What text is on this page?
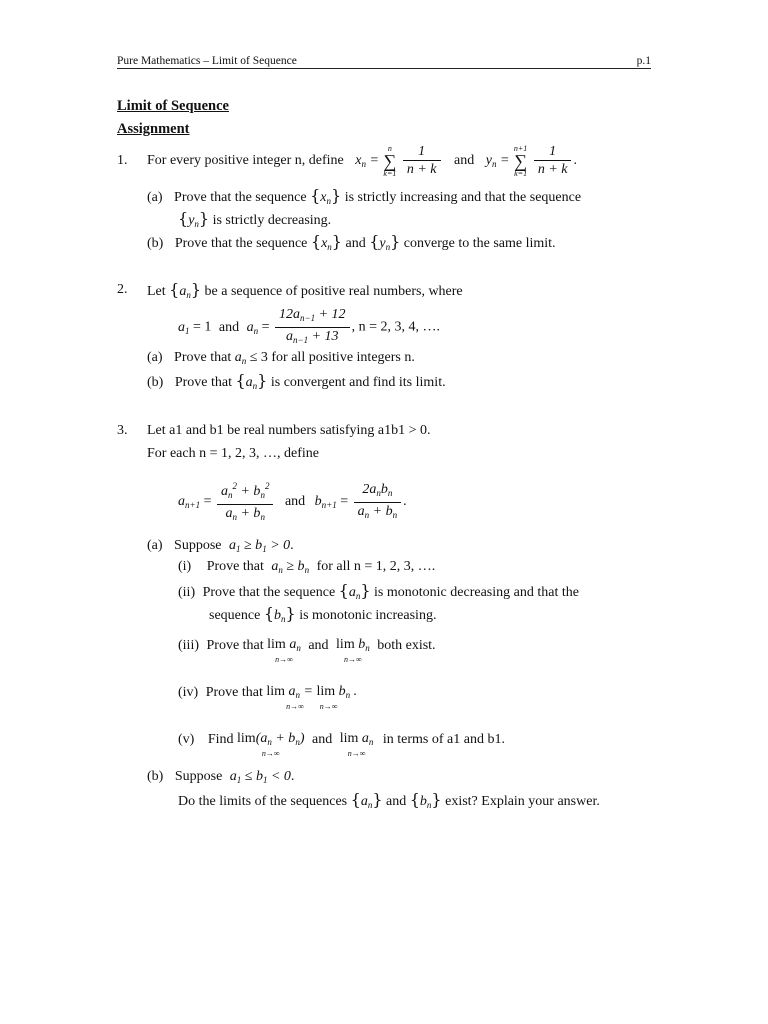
Pure Mathematics – Limit of Sequence	p.1
Limit of Sequence
Assignment
1. For every positive integer n, define $x_n$ =
n
∑
k=1
$\frac{1}{n + k}$ and $y_n$ =
n+1
∑
k=1
$\frac{1}{n + k}$ .
(a) Prove that the sequence $\{x_n\}$ is strictly increasing and that the sequence
$\{y_n\}$ is strictly decreasing.
(b) Prove that the sequence $\{x_n\}$ and $\{y_n\}$ converge to the same limit.
2. Let $\{a_n\}$ be a sequence of positive real numbers, where
$a_1 = 1$ and $a_n = \frac{12a_{n-1} + 12}{a_{n-1} + 13}$ , n = 2, 3, 4, ….
(a) Prove that $a_n \le 3$ for all positive integers n.
(b) Prove that $\{a_n\}$ is convergent and find its limit.
3. Let a1 and b1 be real numbers satisfying a1b1 > 0.
For each n = 1, 2, 3, …, define
$a_{n+1} = \frac{a_n^2 + b_n^2}{a_n + b_n}$ and $b_{n+1} = \frac{2a_nb_n}{a_n + b_n}$ .
(a) Suppose $a_1 \ge b_1 > 0$.
(i) Prove that $a_n \ge b_n$ for all n = 1, 2, 3, ….
(ii) Prove that the sequence $\{a_n\}$ is monotonic decreasing and that the
sequence $\{b_n\}$ is monotonic increasing.
(iii) Prove that $\lim a_n$
n→∞
and $\lim b_n$
n→∞
both exist.
(iv) Prove that $\lim a_n = \lim b_n$ .
n→∞        n→∞
(v) Find $\lim(a_n + b_n)$
n→∞
and $\lim a_n$
n→∞
in terms of a1 and b1.
(b) Suppose $a_1 \le b_1 < 0$.
Do the limits of the sequences $\{a_n\}$ and $\{b_n\}$ exist? Explain your answer.
